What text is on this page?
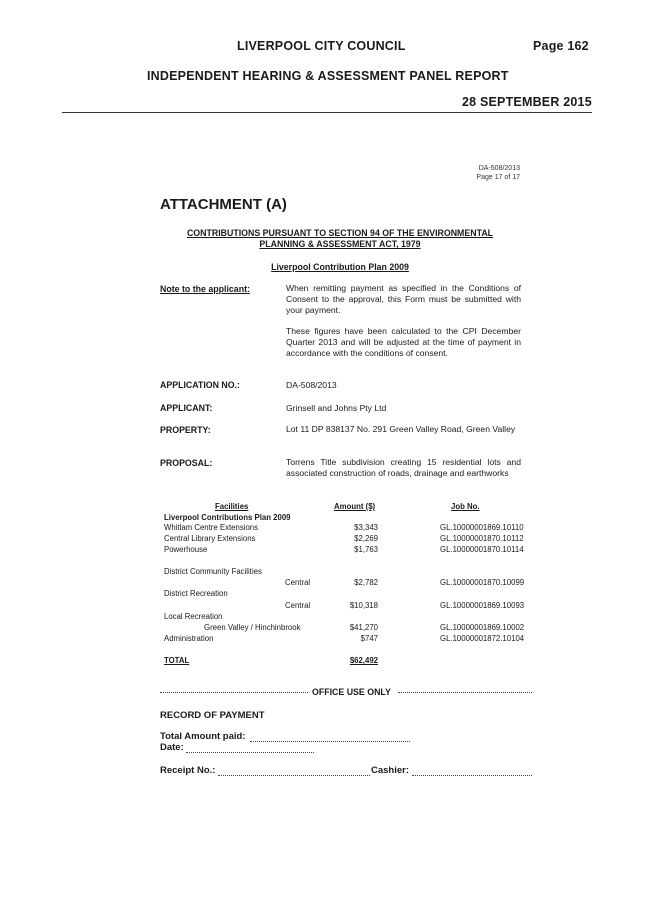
LIVERPOOL CITY COUNCIL	Page 162
INDEPENDENT HEARING & ASSESSMENT PANEL REPORT
28 SEPTEMBER 2015
DA-508/2013
Page 17 of 17
ATTACHMENT (A)
CONTRIBUTIONS PURSUANT TO SECTION 94 OF THE ENVIRONMENTAL
PLANNING & ASSESSMENT ACT, 1979
Liverpool Contribution Plan 2009
Note to the applicant:	When remitting payment as specified in the Conditions of Consent to the approval, this Form must be submitted with your payment.
These figures have been calculated to the CPI December Quarter 2013 and will be adjusted at the time of payment in accordance with the conditions of consent.
APPLICATION NO.:	DA-508/2013
APPLICANT:	Grinsell and Johns Pty Ltd
PROPERTY:	Lot 11 DP 838137 No. 291 Green Valley Road, Green Valley
PROPOSAL:	Torrens Title subdivision creating 15 residential lots and associated construction of roads, drainage and earthworks
Facilities	Amount ($)	Job No.
Liverpool Contributions Plan 2009
Whitlam Centre Extensions	$3,343	GL.10000001869.10110
Central Library Extensions	$2,269	GL.10000001870.10112
Powerhouse	$1,763	GL.10000001870.10114
District Community Facilities
Central	$2,782	GL.10000001870.10099
District Recreation
Central	$10,318	GL.10000001869.10093
Local Recreation
Green Valley / Hinchinbrook	$41,270	GL.10000001869.10002
Administration	$747	GL.10000001872.10104
TOTAL	$62,492
OFFICE USE ONLY
RECORD OF PAYMENT
Total Amount paid:
Date:
Receipt No.:	Cashier:
